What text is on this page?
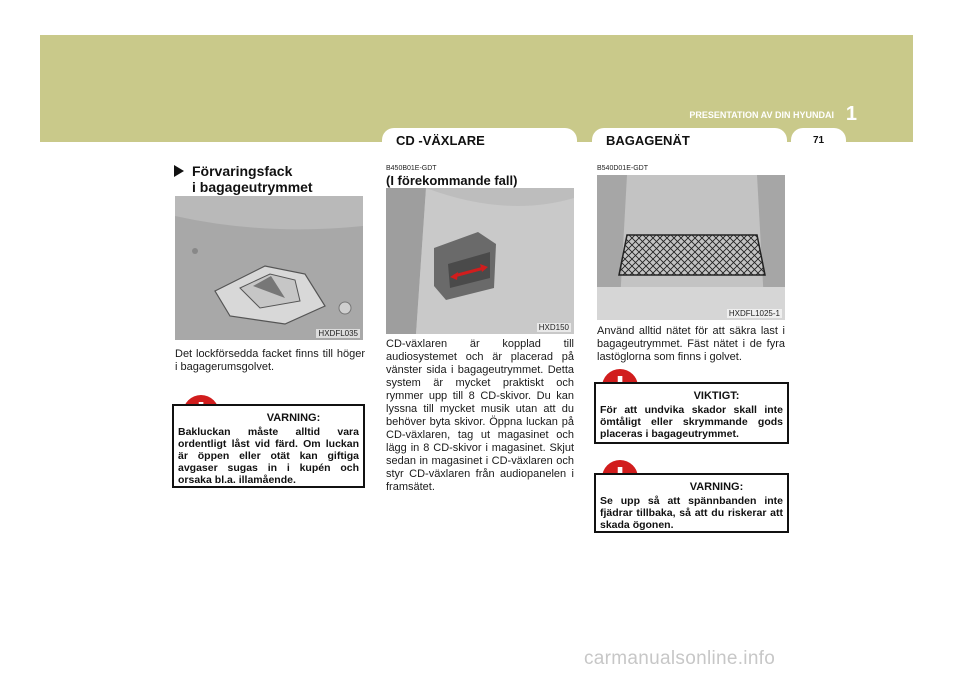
PRESENTATION AV DIN HYUNDAI 1
CD -VÄXLARE	BAGAGENÄT	71
Förvaringsfack
i bagageutrymmet
HXDFL035
Det lockförsedda facket finns till höger i bagagerumsgolvet.
VARNING:
Bakluckan måste alltid vara ordentligt låst vid färd. Om luckan är öppen eller otät kan giftiga avgaser sugas in i kupén och orsaka bl.a. illamående.
B450B01E-GDT
(I förekommande fall)
HXD150
CD-växlaren är kopplad till audiosystemet och är placerad på vänster sida i bagageutrymmet. Detta system är mycket praktiskt och rymmer upp till 8 CD-skivor. Du kan lyssna till mycket musik utan att du behöver byta skivor. Öppna luckan på CD-växlaren, tag ut magasinet och lägg in 8 CD-skivor i magasinet. Skjut sedan in magasinet i CD-växlaren och styr CD-växlaren från audiopanelen i framsätet.
B540D01E-GDT
HXDFL1025-1
Använd alltid nätet för att säkra last i bagageutrymmet. Fäst nätet i de fyra lastöglorna som finns i golvet.
VIKTIGT:
För att undvika skador skall inte ömtåligt eller skrymmande gods placeras i bagageutrymmet.
VARNING:
Se upp så att spännbanden inte fjädrar tillbaka, så att du riskerar att skada ögonen.
carmanualsonline.info
